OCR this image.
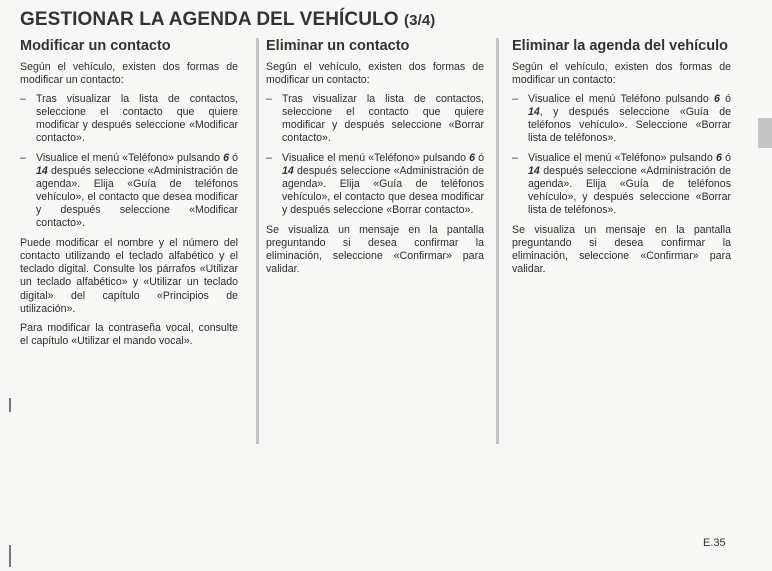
GESTIONAR LA AGENDA DEL VEHÍCULO (3/4)
Modificar un contacto

Según el vehículo, existen dos formas de modificar un contacto:

– Tras visualizar la lista de contactos, seleccione el contacto que quiere modificar y después seleccione «Modificar contacto».
– Visualice el menú «Teléfono» pulsando 6 ó 14 después seleccione «Administración de agenda». Elija «Guía de teléfonos vehículo», el contacto que desea modificar y después seleccione «Modificar contacto».

Puede modificar el nombre y el número del contacto utilizando el teclado alfabético y el teclado digital. Consulte los párrafos «Utilizar un teclado alfabético» y «Utilizar un teclado digital» del capítulo «Principios de utilización».

Para modificar la contraseña vocal, consulte el capítulo «Utilizar el mando vocal».

Eliminar un contacto

Según el vehículo, existen dos formas de modificar un contacto:

– Tras visualizar la lista de contactos, seleccione el contacto que quiere modificar y después seleccione «Borrar contacto».
– Visualice el menú «Teléfono» pulsando 6 ó 14 después seleccione «Administración de agenda». Elija «Guía de teléfonos vehículo», el contacto que desea modificar y después seleccione «Borrar contacto».

Se visualiza un mensaje en la pantalla preguntando si desea confirmar la eliminación, seleccione «Confirmar» para validar.

Eliminar la agenda del vehículo

Según el vehículo, existen dos formas de modificar un contacto:

– Visualice el menú Teléfono pulsando 6 ó 14, y después seleccione «Guía de teléfonos vehículo». Seleccione «Borrar lista de teléfonos».
– Visualice el menú «Teléfono» pulsando 6 ó 14 después seleccione «Administración de agenda». Elija «Guía de teléfonos vehículo», y después seleccione «Borrar lista de teléfonos».

Se visualiza un mensaje en la pantalla preguntando si desea confirmar la eliminación, seleccione «Confirmar» para validar.

E.35
